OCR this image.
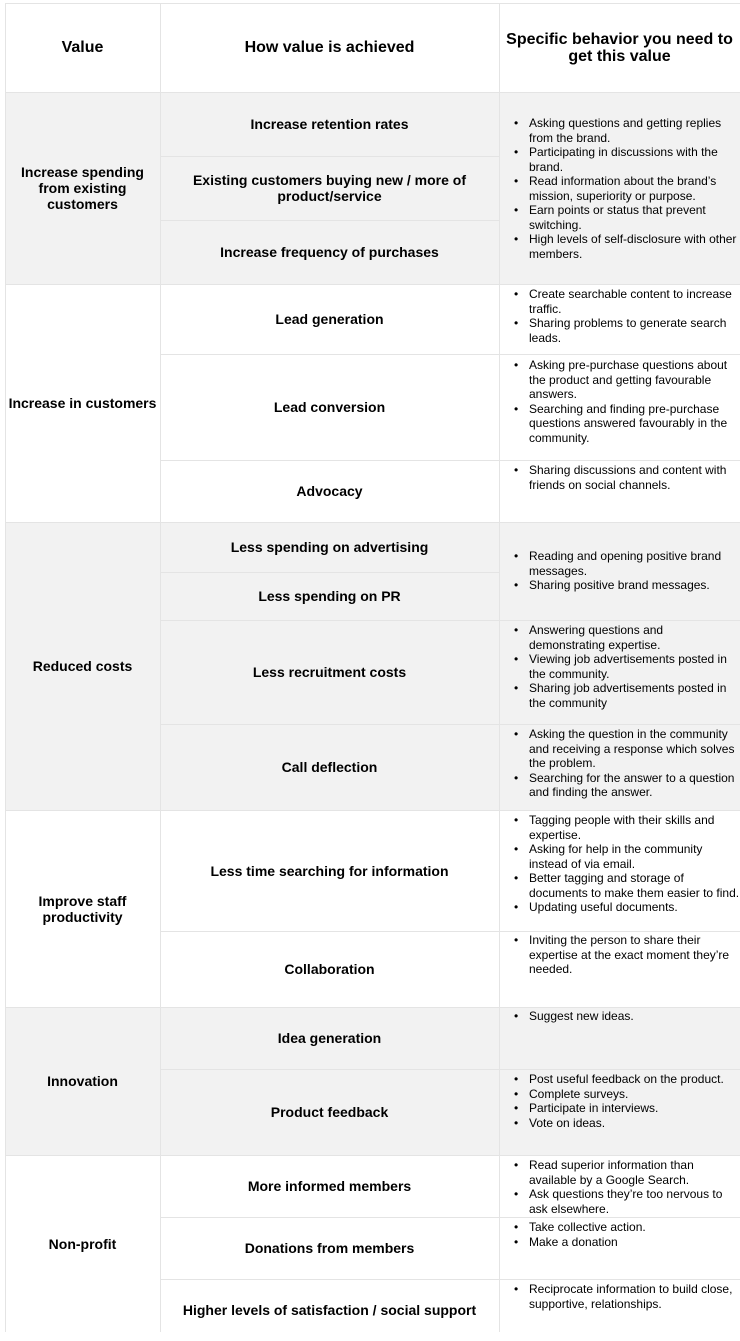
Value	How value is achieved	Specific behavior you need to get this value
Increase spending from existing customers
Increase in customers
Reduced costs
Improve staff productivity
Innovation
Non-profit
Increase retention rates
Existing customers buying new / more of product/service
Increase frequency of purchases
Lead generation
Lead conversion
Advocacy
Less spending on advertising
Less spending on PR
Less recruitment costs
Call deflection
Less time searching for information
Collaboration
Idea generation
Product feedback
More informed members
Donations from members
Higher levels of satisfaction / social support
• Asking questions and getting replies from the brand.
• Participating in discussions with the brand.
• Read information about the brand’s mission, superiority or purpose.
• Earn points or status that prevent switching.
• High levels of self-disclosure with other members.
• Create searchable content to increase traffic.
• Sharing problems to generate search leads.
• Asking pre-purchase questions about the product and getting favourable answers.
• Searching and finding pre-purchase questions answered favourably in the community.
• Sharing discussions and content with friends on social channels.
• Reading and opening positive brand messages.
• Sharing positive brand messages.
• Answering questions and demonstrating expertise.
• Viewing job advertisements posted in the community.
• Sharing job advertisements posted in the community
• Asking the question in the community and receiving a response which solves the problem.
• Searching for the answer to a question and finding the answer.
• Tagging people with their skills and expertise.
• Asking for help in the community instead of via email.
• Better tagging and storage of documents to make them easier to find.
• Updating useful documents.
• Inviting the person to share their expertise at the exact moment they’re needed.
• Suggest new ideas.
• Post useful feedback on the product.
• Complete surveys.
• Participate in interviews.
• Vote on ideas.
• Read superior information than available by a Google Search.
• Ask questions they’re too nervous to ask elsewhere.
• Take collective action.
• Make a donation
• Reciprocate information to build close, supportive, relationships.
